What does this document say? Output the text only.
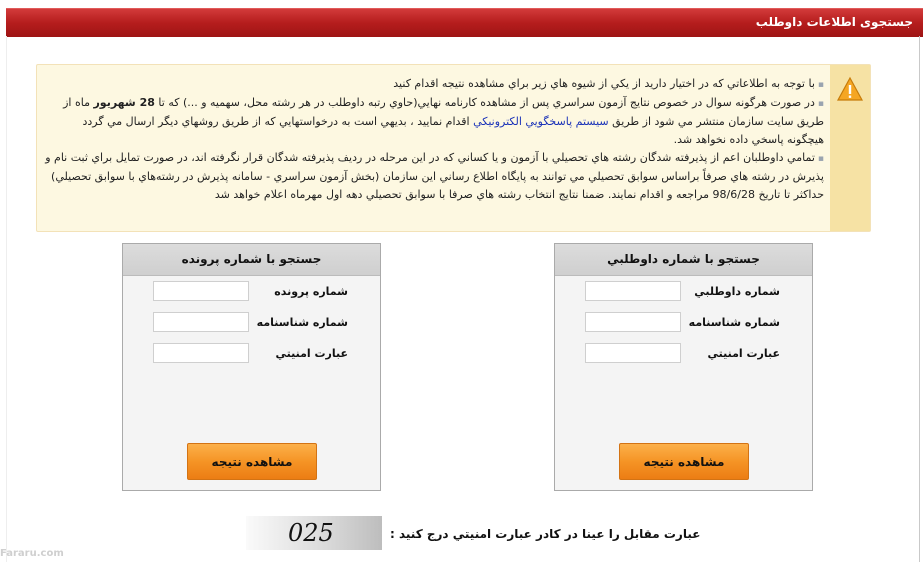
جستجوی اطلاعات داوطلب
▪با توجه به اطلاعاتي كه در اختيار داريد از يكي از شيوه هاي زير براي مشاهده نتيجه اقدام كنيد
▪در صورت هرگونه سوال در خصوص نتايج آزمون سراسري پس از مشاهده كارنامه نهايي(حاوي رتبه داوطلب در هر رشته محل، سهميه و ...) كه تا 28 شهريور ماه از طريق سايت سازمان منتشر مي شود از طريق سيستم پاسخگويي الكترونيكي اقدام نماييد ، بديهي است به درخواستهايي كه از طريق روشهاي ديگر ارسال مي گردد هيچگونه پاسخي داده نخواهد شد.
▪تمامي داوطلبان اعم از پذيرفته شدگان رشته هاي تحصيلي با آزمون و يا كساني كه در اين مرحله در رديف پذيرفته شدگان قرار نگرفته اند، در صورت تمايل براي ثبت نام و پذيرش در رشته هاي صرفاً براساس سوابق تحصيلي مي توانند به پايگاه اطلاع رساني اين سازمان (بخش آزمون سراسري - سامانه پذيرش در رشته‌هاي با سوابق تحصيلي) حداكثر تا تاريخ 98/6/28 مراجعه و اقدام نمايند. ضمنا نتايج انتخاب رشته هاي صرفا با سوابق تحصيلي دهه اول مهرماه اعلام خواهد شد
جستجو با شماره داوطلبي
شماره داوطلبي
شماره شناسنامه
عبارت امنيتي
مشاهده نتيجه
جستجو با شماره پرونده
شماره پرونده
شماره شناسنامه
عبارت امنيتي
مشاهده نتيجه
عبارت مقابل را عينا در كادر عبارت امنيتي درج كنيد :
025
Fararu.com
